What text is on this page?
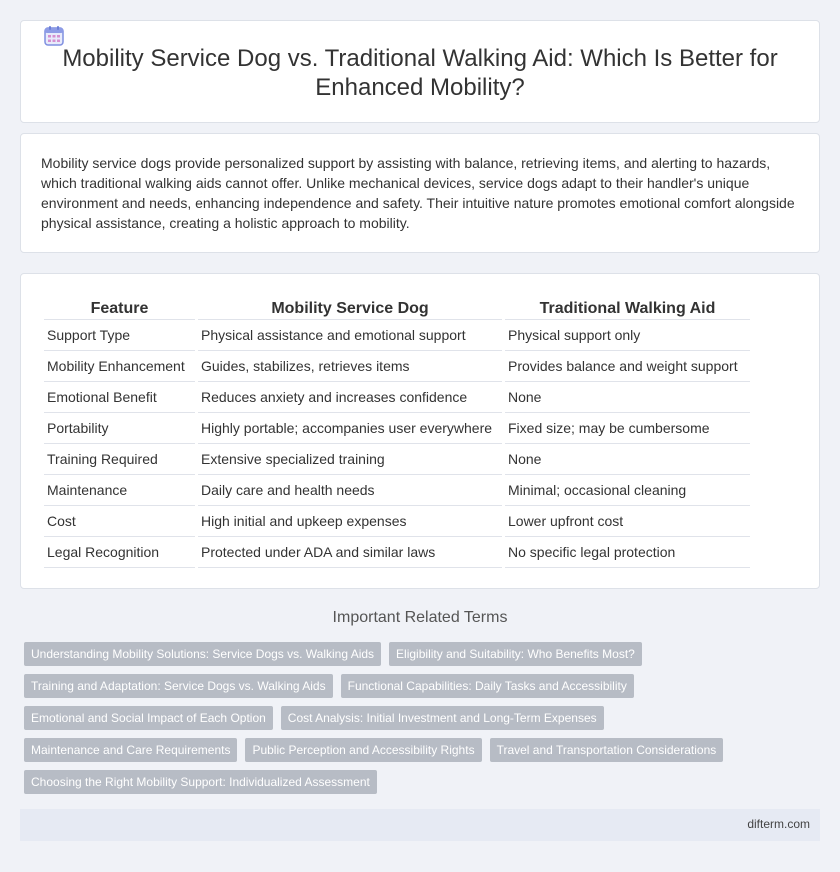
Mobility Service Dog vs. Traditional Walking Aid: Which Is Better for Enhanced Mobility?

Mobility service dogs provide personalized support by assisting with balance, retrieving items, and alerting to hazards, which traditional walking aids cannot offer. Unlike mechanical devices, service dogs adapt to their handler's unique environment and needs, enhancing independence and safety. Their intuitive nature promotes emotional comfort alongside physical assistance, creating a holistic approach to mobility.

Feature	Mobility Service Dog	Traditional Walking Aid
Support Type	Physical assistance and emotional support	Physical support only
Mobility Enhancement	Guides, stabilizes, retrieves items	Provides balance and weight support
Emotional Benefit	Reduces anxiety and increases confidence	None
Portability	Highly portable; accompanies user everywhere	Fixed size; may be cumbersome
Training Required	Extensive specialized training	None
Maintenance	Daily care and health needs	Minimal; occasional cleaning
Cost	High initial and upkeep expenses	Lower upfront cost
Legal Recognition	Protected under ADA and similar laws	No specific legal protection
Important Related Terms
Understanding Mobility Solutions: Service Dogs vs. Walking Aids	Eligibility and Suitability: Who Benefits Most?
Training and Adaptation: Service Dogs vs. Walking Aids	Functional Capabilities: Daily Tasks and Accessibility
Emotional and Social Impact of Each Option	Cost Analysis: Initial Investment and Long-Term Expenses
Maintenance and Care Requirements	Public Perception and Accessibility Rights	Travel and Transportation Considerations
Choosing the Right Mobility Support: Individualized Assessment
difterm.com
